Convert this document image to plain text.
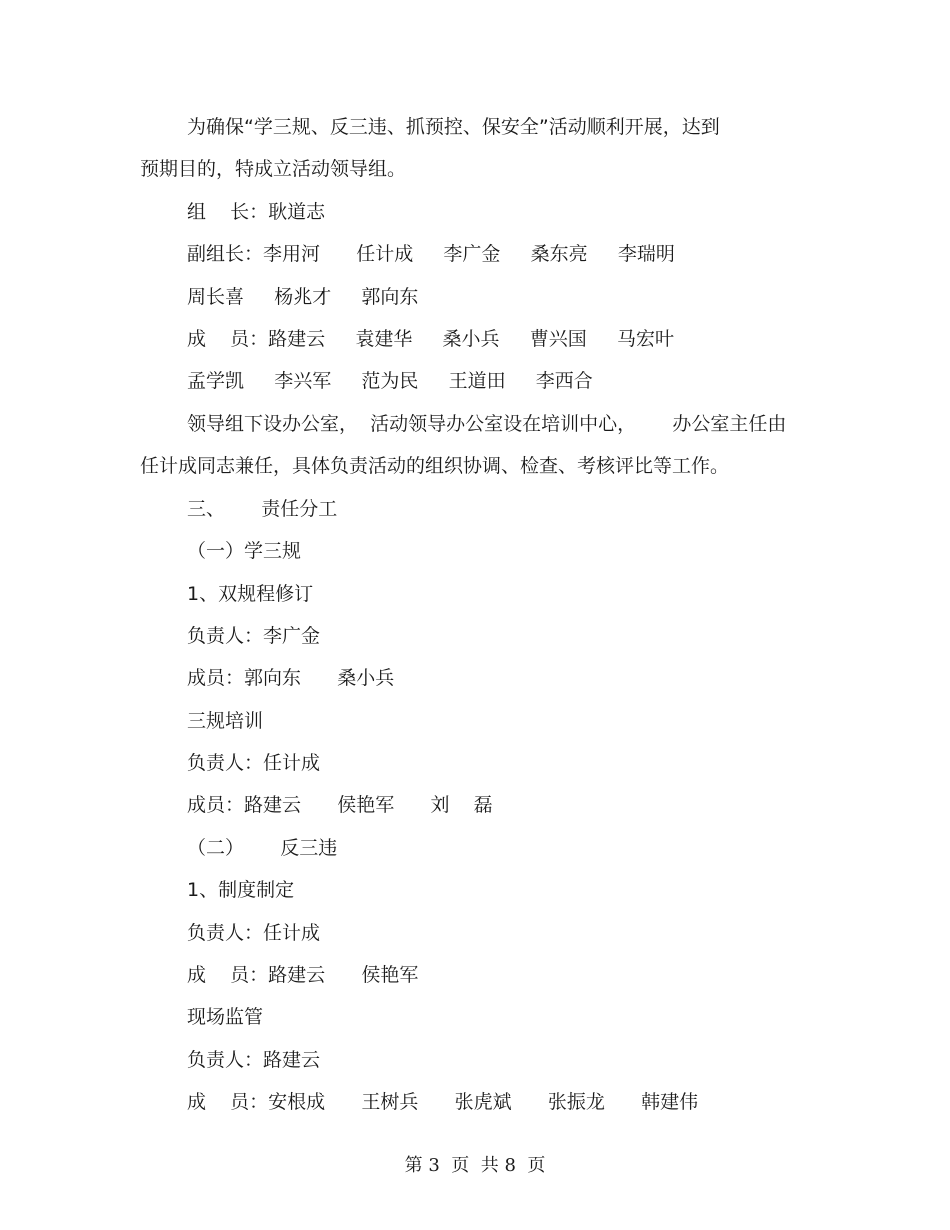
为确保“学三规、反三违、抓预控、保安全”活动顺利开展，达到
预期目的，特成立活动领导组。
组    长：耿道志
副组长：李用河      任计成     李广金     桑东亮     李瑞明
周长喜     杨兆才     郭向东
成    员：路建云     袁建华     桑小兵     曹兴国     马宏叶
孟学凯     李兴军     范为民     王道田     李西合
领导组下设办公室，  活动领导办公室设在培训中心，      办公室主任由
任计成同志兼任，具体负责活动的组织协调、检查、考核评比等工作。
三、      责任分工
（一）学三规
1、双规程修订
负责人：李广金
成员：郭向东      桑小兵
三规培训
负责人：任计成
成员：路建云      侯艳军      刘    磊
（二）      反三违
1、制度制定
负责人：任计成
成    员：路建云      侯艳军
现场监管
负责人：路建云
成    员：安根成      王树兵      张虎斌      张振龙      韩建伟
第 3  页  共 8  页
